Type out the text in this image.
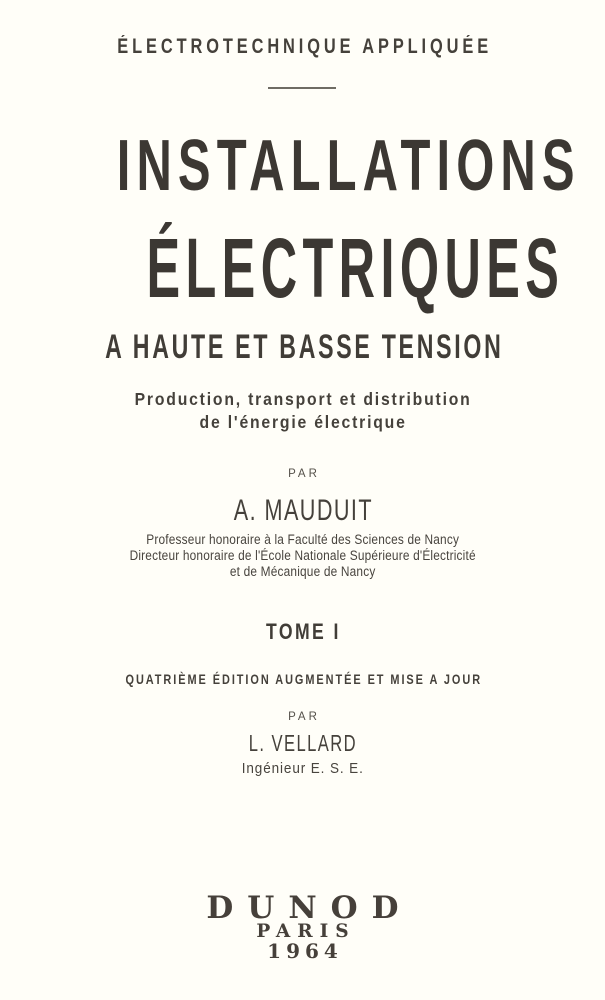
ÉLECTROTECHNIQUE APPLIQUÉE
INSTALLATIONS
ÉLECTRIQUES
A HAUTE ET BASSE TENSION
Production, transport et distribution
de l'énergie électrique
PAR
A. MAUDUIT
Professeur honoraire à la Faculté des Sciences de Nancy
Directeur honoraire de l'École Nationale Supérieure d'Électricité
et de Mécanique de Nancy
TOME I
QUATRIÈME ÉDITION AUGMENTÉE ET MISE A JOUR
PAR
L. VELLARD
Ingénieur E. S. E.
DUNOD
PARIS
1964
